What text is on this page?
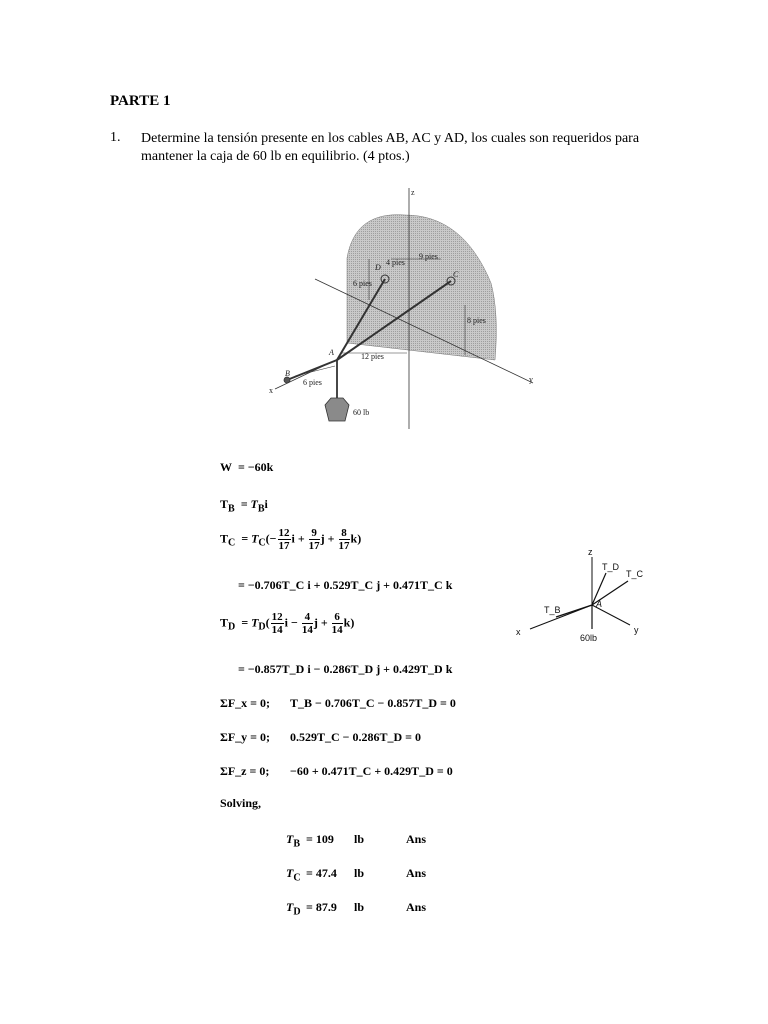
PARTE 1
1. Determine la tensión presente en los cables AB, AC y AD, los cuales son requeridos para mantener la caja de 60 lb en equilibrio. (4 ptos.)
z
y
x
A
B
C
D
4 pies
9 pies
6 pies
8 pies
12 pies
6 pies
60 lb
W = −60k
$T_B = T_Bi$
$T_C = T_C(- \frac{12}{17}$ $i + \frac{9}{17}$ $j + \frac{8}{17} k$)
= −0.706T_C i + 0.529T_C j + 0.471T_C k
$T_D = T_D( \frac{12}{14}$ $i - \frac{4}{14}$ $j + \frac{6}{14} k$)
= −0.857T_D i − 0.286T_D j + 0.429T_D k
ΣF_x = 0; T_B − 0.706T_C − 0.857T_D = 0
ΣF_y = 0; 0.529T_C − 0.286T_D = 0
ΣF_z = 0; −60 + 0.471T_C + 0.429T_D = 0
Solving,
$T_B = 109$ lb	Ans
$T_C = 47.4$ lb	Ans
$T_D = 87.9$ lb	Ans
z
x	y
A
T_D
T_C
T_B
60lb
